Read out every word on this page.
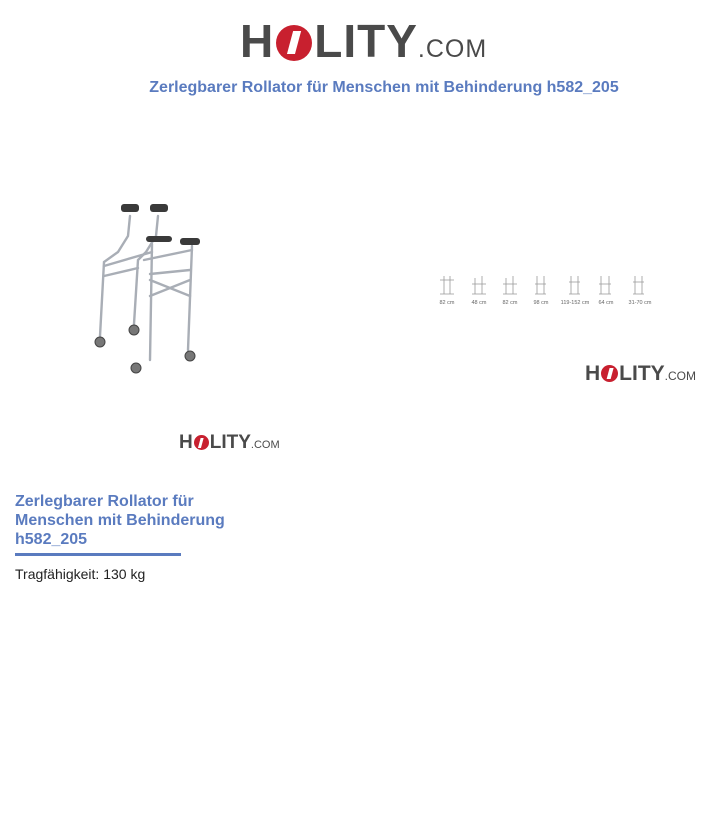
H LITY .COM
Zerlegbarer Rollator für Menschen mit Behinderung h582_205
82 cm	48 cm	82 cm	98 cm	119-152 cm	64 cm	31-70 cm
H LITY .COM
H LITY .COM
Zerlegbarer Rollator für Menschen mit Behinderung h582_205
Tragfähigkeit: 130 kg
